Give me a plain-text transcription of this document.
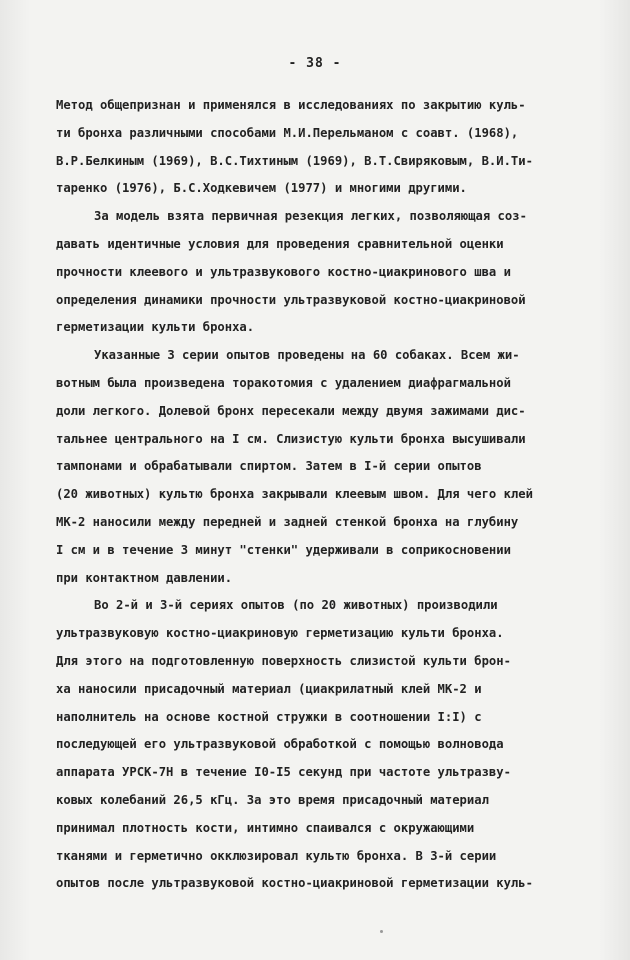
- 38 -
Метод общепризнан и применялся в исследованиях по закрытию куль-
ти бронха различными способами М.И.Перельманом с соавт. (1968),
В.Р.Белкиным (1969), В.С.Тихтиным (1969), В.Т.Свиряковым, В.И.Ти-
таренко (1976), Б.С.Ходкевичем (1977) и многими другими.
За модель взята первичная резекция легких, позволяющая соз-
давать идентичные условия для проведения сравнительной оценки
прочности клеевого и ультразвукового костно-циакринового шва и
определения динамики прочности ультразвуковой костно-циакриновой
герметизации культи бронха.
Указанные 3 серии опытов проведены на 60 собаках. Всем жи-
вотным была произведена торакотомия с удалением диафрагмальной
доли легкого. Долевой бронх пересекали между двумя зажимами дис-
тальнее центрального на I см. Слизистую культи бронха высушивали
тампонами и обрабатывали спиртом. Затем в I-й серии опытов
(20 животных) культю бронха закрывали клеевым швом. Для чего клей
МК-2 наносили между передней и задней стенкой бронха на глубину
I см и в течение 3 минут "стенки" удерживали в соприкосновении
при контактном давлении.
Во 2-й и 3-й сериях опытов (по 20 животных) производили
ультразвуковую костно-циакриновую герметизацию культи бронха.
Для этого на подготовленную поверхность слизистой культи брон-
ха наносили присадочный материал (циакрилатный клей МК-2 и
наполнитель на основе костной стружки в соотношении I:I) с
последующей его ультразвуковой обработкой с помощью волновода
аппарата УРСК-7Н в течение I0-I5 секунд при частоте ультразву-
ковых колебаний 26,5 кГц. За это время присадочный материал
принимал плотность кости, интимно спаивался с окружающими
тканями и герметично окклюзировал культю бронха. В 3-й серии
опытов после ультразвуковой костно-циакриновой герметизации куль-
